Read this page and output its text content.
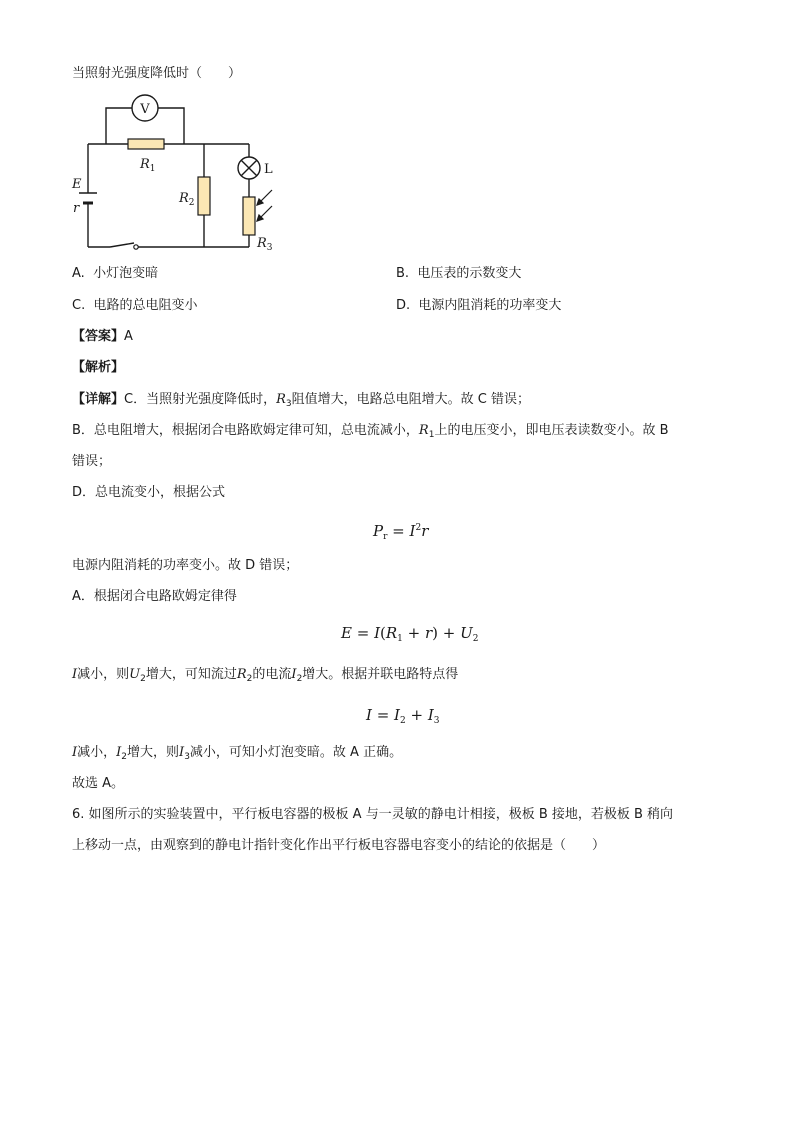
当照射光强度降低时（　　）
V
$R_1$
E
r
$R_2$
L
$R_3$
A. 小灯泡变暗	B. 电压表的示数变大
C. 电路的总电阻变小	D. 电源内阻消耗的功率变大
【答案】A
【解析】
【详解】C．当照射光强度降低时，$R_3$阻值增大，电路总电阻增大。故 C 错误；
B．总电阻增大，根据闭合电路欧姆定律可知，总电流减小，$R_1$上的电压变小，即电压表读数变小。故 B
错误；
D．总电流变小，根据公式
$P_r = I^2r$
电源内阻消耗的功率变小。故 D 错误；
A．根据闭合电路欧姆定律得
$E = I(R_1 + r) + U_2$
I减小，则$U_2$增大，可知流过$R_2$的电流$I_2$增大。根据并联电路特点得
$I = I_2 + I_3$
I减小，$I_2$增大，则$I_3$减小，可知小灯泡变暗。故 A 正确。
故选 A。
6. 如图所示的实验装置中，平行板电容器的极板 A 与一灵敏的静电计相接，极板 B 接地，若极板 B 稍向
上移动一点，由观察到的静电计指针变化作出平行板电容器电容变小的结论的依据是（　　）
